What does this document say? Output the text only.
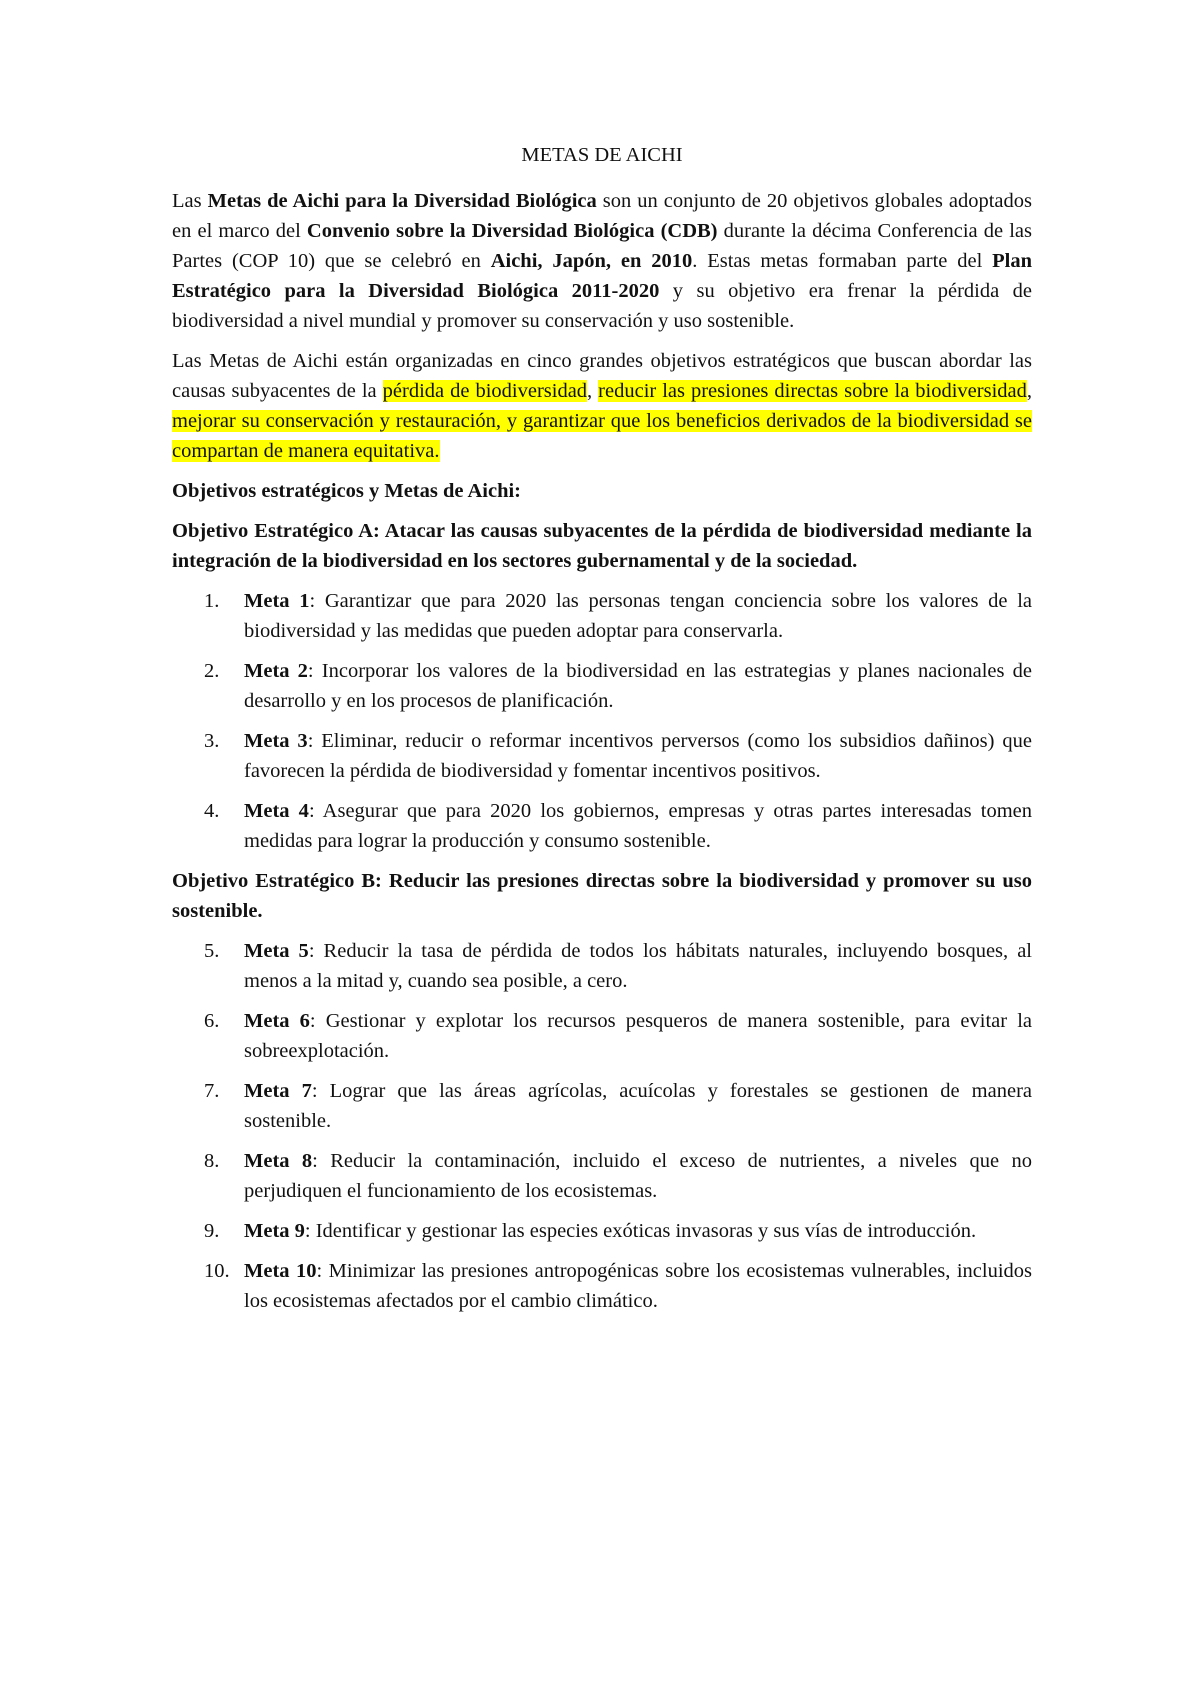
METAS DE AICHI

Las Metas de Aichi para la Diversidad Biológica son un conjunto de 20 objetivos globales adoptados en el marco del Convenio sobre la Diversidad Biológica (CDB) durante la décima Conferencia de las Partes (COP 10) que se celebró en Aichi, Japón, en 2010. Estas metas formaban parte del Plan Estratégico para la Diversidad Biológica 2011-2020 y su objetivo era frenar la pérdida de biodiversidad a nivel mundial y promover su conservación y uso sostenible.

Las Metas de Aichi están organizadas en cinco grandes objetivos estratégicos que buscan abordar las causas subyacentes de la pérdida de biodiversidad, reducir las presiones directas sobre la biodiversidad, mejorar su conservación y restauración, y garantizar que los beneficios derivados de la biodiversidad se compartan de manera equitativa.

Objetivos estratégicos y Metas de Aichi:
Objetivo Estratégico A: Atacar las causas subyacentes de la pérdida de biodiversidad mediante la integración de la biodiversidad en los sectores gubernamental y de la sociedad.
1.	Meta 1: Garantizar que para 2020 las personas tengan conciencia sobre los valores de la biodiversidad y las medidas que pueden adoptar para conservarla.
2.	Meta 2: Incorporar los valores de la biodiversidad en las estrategias y planes nacionales de desarrollo y en los procesos de planificación.
3.	Meta 3: Eliminar, reducir o reformar incentivos perversos (como los subsidios dañinos) que favorecen la pérdida de biodiversidad y fomentar incentivos positivos.
4.	Meta 4: Asegurar que para 2020 los gobiernos, empresas y otras partes interesadas tomen medidas para lograr la producción y consumo sostenible.
Objetivo Estratégico B: Reducir las presiones directas sobre la biodiversidad y promover su uso sostenible.
5.	Meta 5: Reducir la tasa de pérdida de todos los hábitats naturales, incluyendo bosques, al menos a la mitad y, cuando sea posible, a cero.
6.	Meta 6: Gestionar y explotar los recursos pesqueros de manera sostenible, para evitar la sobreexplotación.
7.	Meta 7: Lograr que las áreas agrícolas, acuícolas y forestales se gestionen de manera sostenible.
8.	Meta 8: Reducir la contaminación, incluido el exceso de nutrientes, a niveles que no perjudiquen el funcionamiento de los ecosistemas.
9.	Meta 9: Identificar y gestionar las especies exóticas invasoras y sus vías de introducción.
10. Meta 10: Minimizar las presiones antropogénicas sobre los ecosistemas vulnerables, incluidos los ecosistemas afectados por el cambio climático.
